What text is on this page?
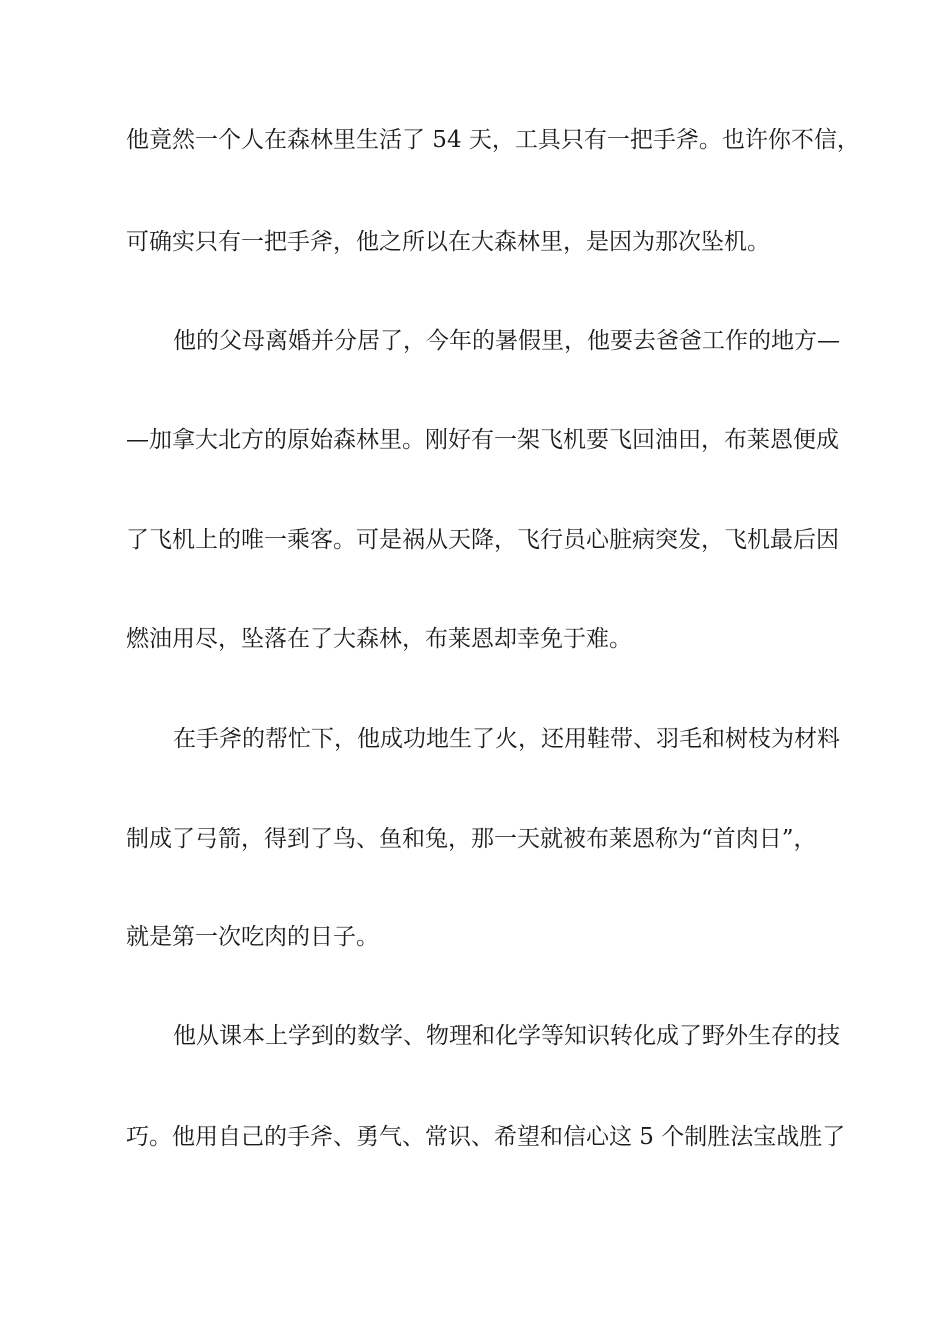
他竟然一个人在森林里生活了 54 天，工具只有一把手斧。也许你不信，

可确实只有一把手斧，他之所以在大森林里，是因为那次坠机。

他的父母离婚并分居了，今年的暑假里，他要去爸爸工作的地方—

—加拿大北方的原始森林里。刚好有一架飞机要飞回油田，布莱恩便成

了飞机上的唯一乘客。可是祸从天降，飞行员心脏病突发，飞机最后因

燃油用尽，坠落在了大森林，布莱恩却幸免于难。

在手斧的帮忙下，他成功地生了火，还用鞋带、羽毛和树枝为材料

制成了弓箭，得到了鸟、鱼和兔，那一天就被布莱恩称为“首肉日”，

就是第一次吃肉的日子。

他从课本上学到的数学、物理和化学等知识转化成了野外生存的技

巧。他用自己的手斧、勇气、常识、希望和信心这 5 个制胜法宝战胜了
